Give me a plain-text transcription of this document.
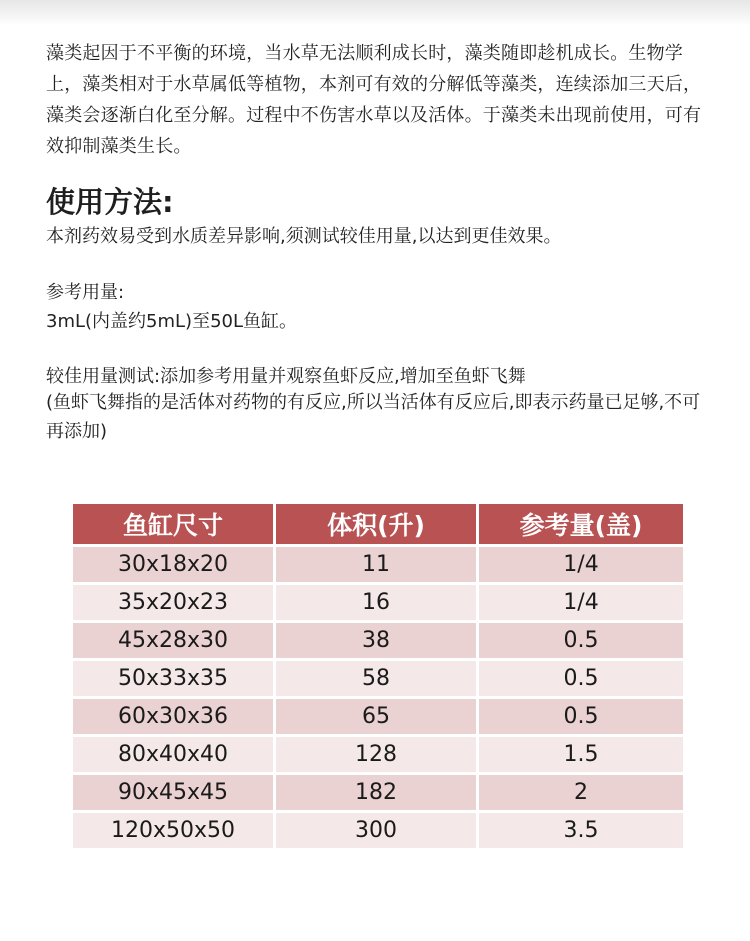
藻类起因于不平衡的环境，当水草无法顺利成长时，藻类随即趁机成长。生物学上，藻类相对于水草属低等植物，本剂可有效的分解低等藻类，连续添加三天后，藻类会逐渐白化至分解。过程中不伤害水草以及活体。于藻类未出现前使用，可有效抑制藻类生长。

使用方法:

本剂药效易受到水质差异影响,须测试较佳用量,以达到更佳效果。

参考用量:

3mL(内盖约5mL)至50L鱼缸。

较佳用量测试:添加参考用量并观察鱼虾反应,增加至鱼虾飞舞

(鱼虾飞舞指的是活体对药物的有反应,所以当活体有反应后,即表示药量已足够,不可再添加)

鱼缸尺寸	体积(升)	参考量(盖)
30x18x20	11	1/4
35x20x23	16	1/4
45x28x30	38	0.5
50x33x35	58	0.5
60x30x36	65	0.5
80x40x40	128	1.5
90x45x45	182	2
120x50x50	300	3.5
